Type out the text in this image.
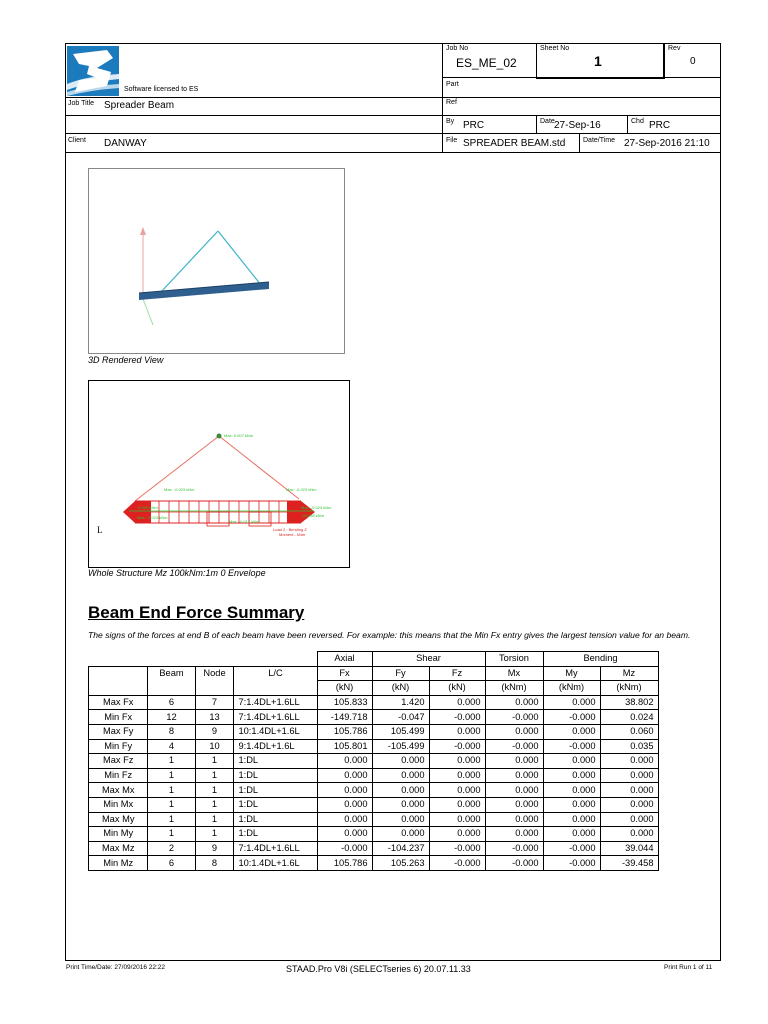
Software licensed to ES
Job No
ES_ME_02
Sheet No
1
Rev
0
Part
Job Title Spreader Beam	Ref
By PRC	Date 27-Sep-16	Chd PRC
Client DANWAY	File SPREADER BEAM.std	Date/Time 27-Sep-2016 21:10
3D Rendered View
Max: 0.007 kNm
Max: -0.023 kNm	Max: -0.023 kNm
-0.023 kNm
Max: -0.023 kNm
Max: -0.023 kNm
-39.458 kNm
Max: -0.017 kNm
Load 2 : Bending Z
Moment - kNm
L
Whole Structure Mz 100kNm:1m 0 Envelope
Beam End Force Summary
The signs of the forces at end B of each beam have been reversed. For example: this means that the Min Fx entry gives the largest tension value for an beam.
				Axial	Shear		Torsion	Bending	
	Beam	Node	L/C	Fx	Fy	Fz	Mx	My	Mz
				(kN)	(kN)	(kN)	(kNm)	(kNm)	(kNm)
Max Fx	6	7	7:1.4DL+1.6LL	105.833	1.420	0.000	0.000	0.000	38.802
Min Fx	12	13	7:1.4DL+1.6LL	-149.718	-0.047	-0.000	-0.000	-0.000	0.024
Max Fy	8	9	10:1.4DL+1.6L	105.786	105.499	0.000	0.000	0.000	0.060
Min Fy	4	10	9:1.4DL+1.6L	105.801	-105.499	-0.000	-0.000	-0.000	0.035
Max Fz	1	1	1:DL	0.000	0.000	0.000	0.000	0.000	0.000
Min Fz	1	1	1:DL	0.000	0.000	0.000	0.000	0.000	0.000
Max Mx	1	1	1:DL	0.000	0.000	0.000	0.000	0.000	0.000
Min Mx	1	1	1:DL	0.000	0.000	0.000	0.000	0.000	0.000
Max My	1	1	1:DL	0.000	0.000	0.000	0.000	0.000	0.000
Min My	1	1	1:DL	0.000	0.000	0.000	0.000	0.000	0.000
Max Mz	2	9	7:1.4DL+1.6LL	-0.000	-104.237	-0.000	-0.000	-0.000	39.044
Min Mz	6	8	10:1.4DL+1.6L	105.786	105.263	-0.000	-0.000	-0.000	-39.458
Print Time/Date: 27/09/2016 22:22	STAAD.Pro V8i (SELECTseries 6) 20.07.11.33	Print Run 1 of 11
